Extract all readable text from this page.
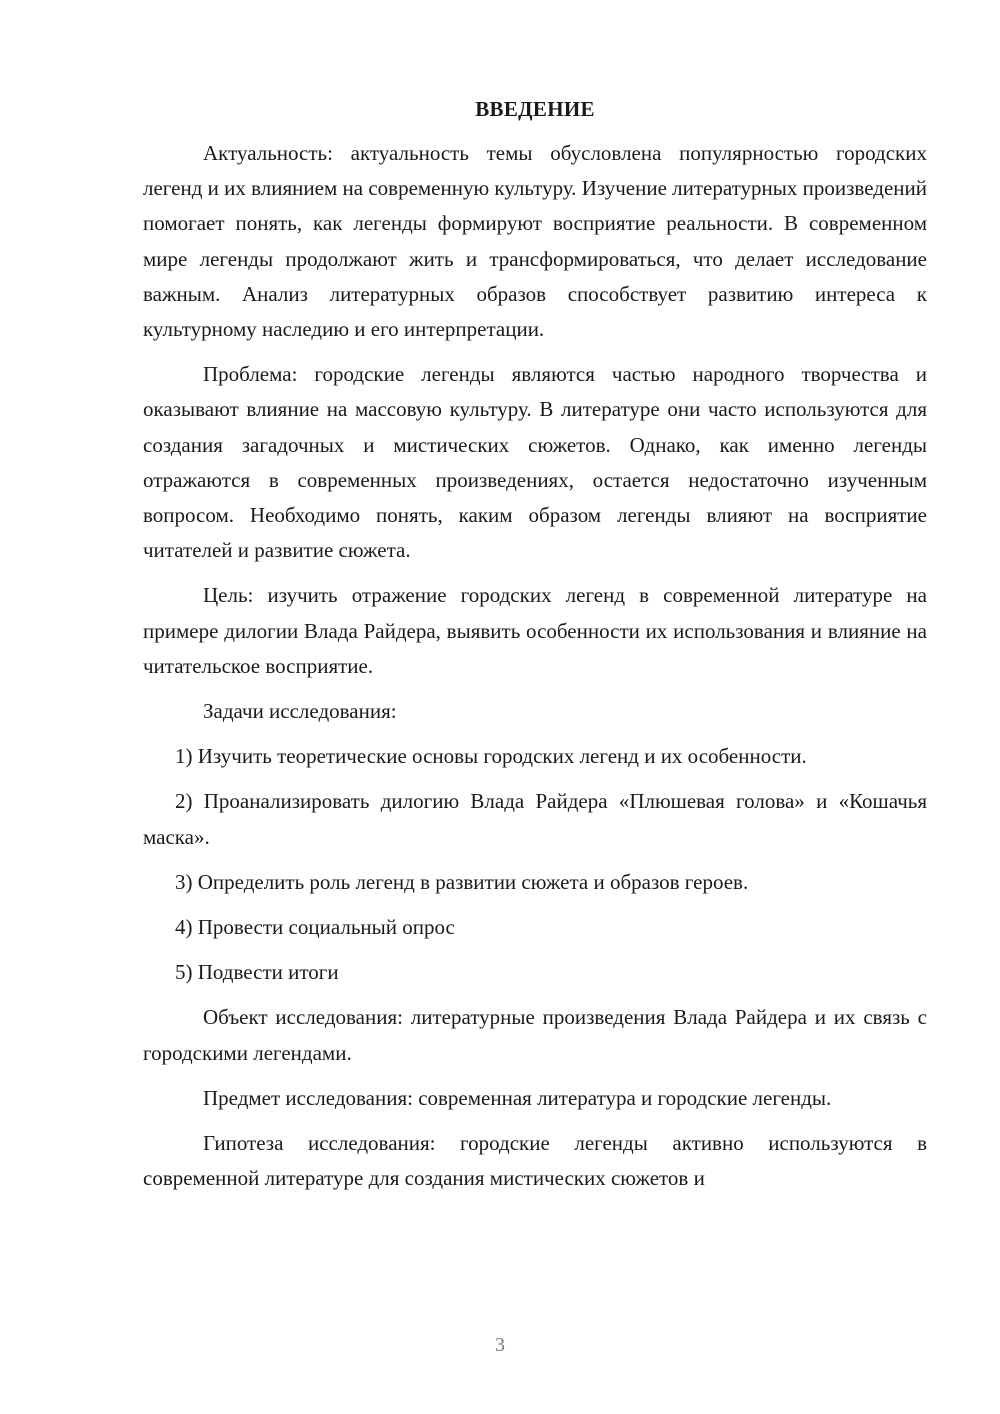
ВВЕДЕНИЕ

Актуальность: актуальность темы обусловлена популярностью городских легенд и их влиянием на современную культуру. Изучение литературных произведений помогает понять, как легенды формируют восприятие реальности. В современном мире легенды продолжают жить и трансформироваться, что делает исследование важным. Анализ литературных образов способствует развитию интереса к культурному наследию и его интерпретации.

Проблема: городские легенды являются частью народного творчества и оказывают влияние на массовую культуру. В литературе они часто используются для создания загадочных и мистических сюжетов. Однако, как именно легенды отражаются в современных произведениях, остается недостаточно изученным вопросом. Необходимо понять, каким образом легенды влияют на восприятие читателей и развитие сюжета.

Цель: изучить отражение городских легенд в современной литературе на примере дилогии Влада Райдера, выявить особенности их использования и влияние на читательское восприятие.

Задачи исследования:

1) Изучить теоретические основы городских легенд и их особенности.

2) Проанализировать дилогию Влада Райдера «Плюшевая голова» и «Кошачья маска».

3) Определить роль легенд в развитии сюжета и образов героев.

4) Провести социальный опрос

5) Подвести итоги

Объект исследования: литературные произведения Влада Райдера и их связь с городскими легендами.

Предмет исследования: современная литература и городские легенды.

Гипотеза исследования: городские легенды активно используются в современной литературе для создания мистических сюжетов и

3
